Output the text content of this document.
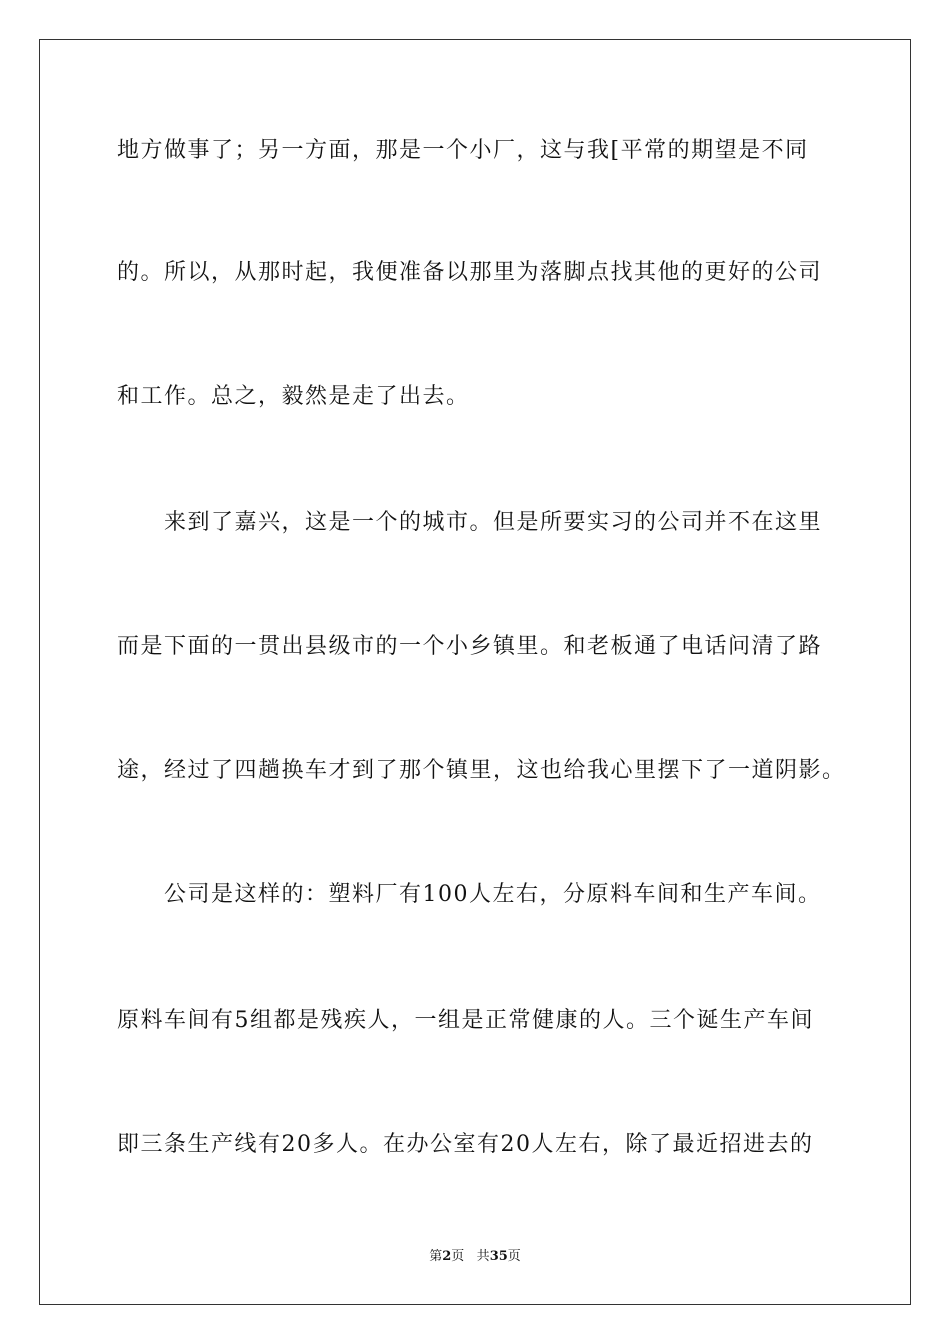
地方做事了；另一方面，那是一个小厂，这与我[平常的期望是不同
的。所以，从那时起，我便准备以那里为落脚点找其他的更好的公司
和工作。总之，毅然是走了出去。
　　来到了嘉兴，这是一个的城市。但是所要实习的公司并不在这里
而是下面的一贯出县级市的一个小乡镇里。和老板通了电话问清了路
途，经过了四趟换车才到了那个镇里，这也给我心里摆下了一道阴影。
　　公司是这样的：塑料厂有100人左右，分原料车间和生产车间。
原料车间有5组都是残疾人，一组是正常健康的人。三个诞生产车间
即三条生产线有20多人。在办公室有20人左右，除了最近招进去的
第2页 共35页
